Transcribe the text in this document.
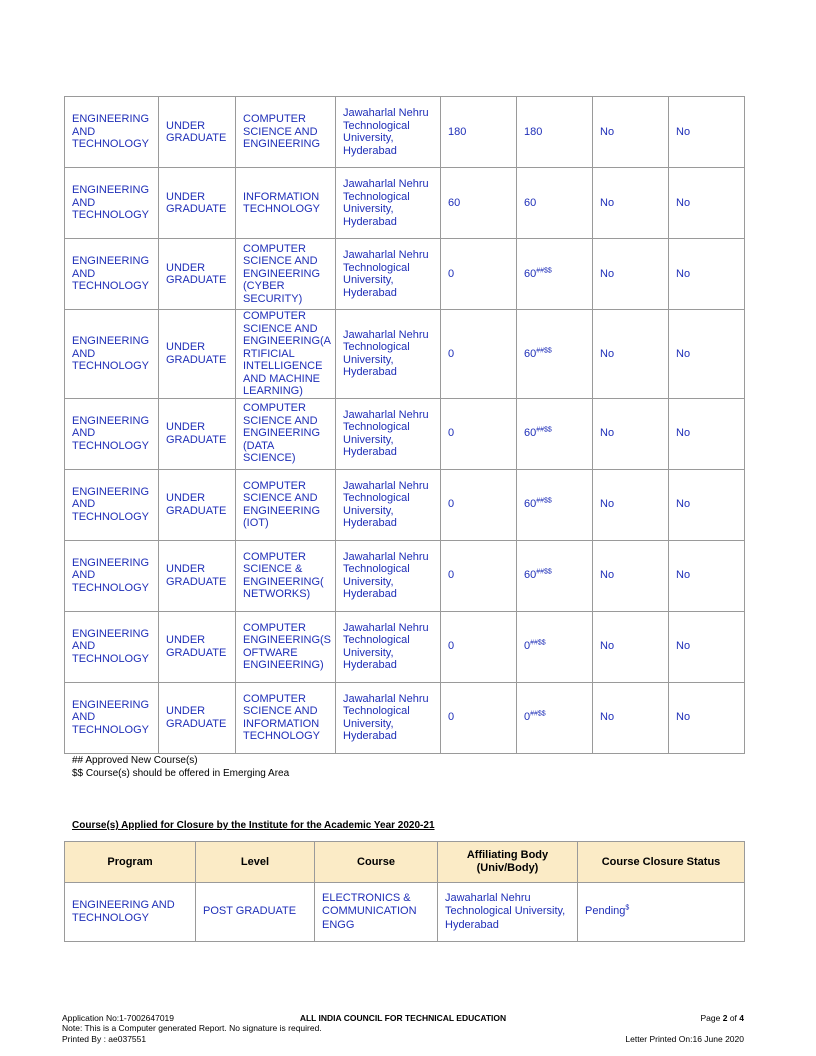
ENGINEERING AND TECHNOLOGY	UNDER GRADUATE	COMPUTER SCIENCE AND ENGINEERING	Jawaharlal Nehru Technological University, Hyderabad	180	180	No	No
ENGINEERING AND TECHNOLOGY	UNDER GRADUATE	INFORMATION TECHNOLOGY	Jawaharlal Nehru Technological University, Hyderabad	60	60	No	No
ENGINEERING AND TECHNOLOGY	UNDER GRADUATE	COMPUTER SCIENCE AND ENGINEERING (CYBER SECURITY)	Jawaharlal Nehru Technological University, Hyderabad	0	60##$$	No	No
ENGINEERING AND TECHNOLOGY	UNDER GRADUATE	COMPUTER SCIENCE AND ENGINEERING(A RTIFICIAL INTELLIGENCE AND MACHINE LEARNING)	Jawaharlal Nehru Technological University, Hyderabad	0	60##$$	No	No
ENGINEERING AND TECHNOLOGY	UNDER GRADUATE	COMPUTER SCIENCE AND ENGINEERING (DATA SCIENCE)	Jawaharlal Nehru Technological University, Hyderabad	0	60##$$	No	No
ENGINEERING AND TECHNOLOGY	UNDER GRADUATE	COMPUTER SCIENCE AND ENGINEERING (IOT)	Jawaharlal Nehru Technological University, Hyderabad	0	60##$$	No	No
ENGINEERING AND TECHNOLOGY	UNDER GRADUATE	COMPUTER SCIENCE & ENGINEERING( NETWORKS)	Jawaharlal Nehru Technological University, Hyderabad	0	60##$$	No	No
ENGINEERING AND TECHNOLOGY	UNDER GRADUATE	COMPUTER ENGINEERING(S OFTWARE ENGINEERING)	Jawaharlal Nehru Technological University, Hyderabad	0	0##$$	No	No
ENGINEERING AND TECHNOLOGY	UNDER GRADUATE	COMPUTER SCIENCE AND INFORMATION TECHNOLOGY	Jawaharlal Nehru Technological University, Hyderabad	0	0##$$	No	No
## Approved New Course(s)
$$ Course(s) should be offered in Emerging Area
Course(s) Applied for Closure by the Institute for the Academic Year 2020-21
Program	Level	Course	Affiliating Body (Univ/Body)	Course Closure Status
ENGINEERING AND TECHNOLOGY	POST GRADUATE	ELECTRONICS & COMMUNICATION ENGG	Jawaharlal Nehru Technological University, Hyderabad	Pending$
Application No:1-7002647019	ALL INDIA COUNCIL FOR TECHNICAL EDUCATION	Page 2 of 4
Note: This is a Computer generated Report. No signature is required.
Printed By : ae037551	Letter Printed On:16 June 2020
